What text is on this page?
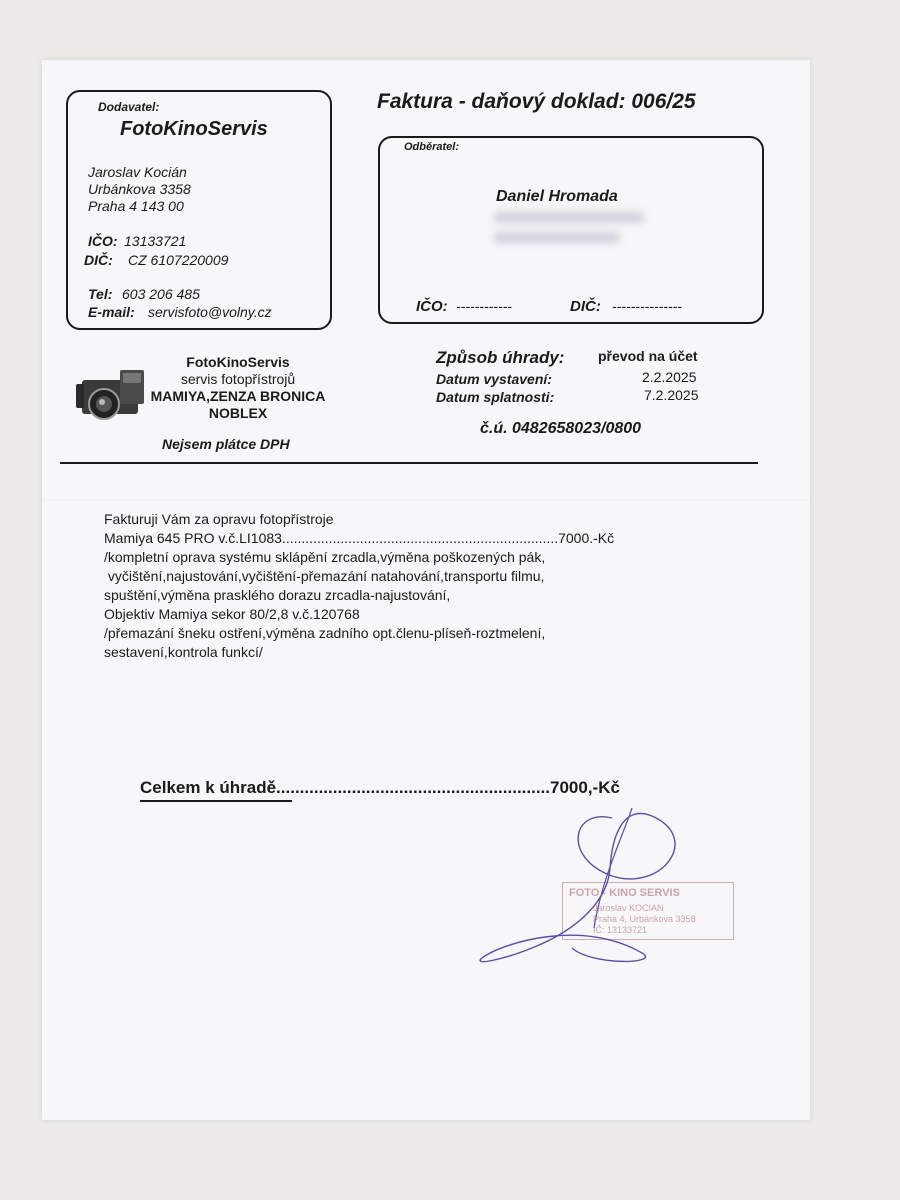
Dodavatel:
FotoKinoServis
Jaroslav Kocián
Urbánkova 3358
Praha 4 143 00
IČO: 13133721
DIČ: CZ 6107220009
Tel: 603 206 485
E-mail: servisfoto@volny.cz
Faktura - daňový doklad: 006/25
Odběratel:
Daniel Hromada
IČO: ------------	DIČ: ---------------
FotoKinoServis
servis fotopřístrojů
MAMIYA,ZENZA BRONICA
NOBLEX
Nejsem plátce DPH
Způsob úhrady: převod na účet
Datum vystavení:	2.2.2025
Datum splatnosti:	7.2.2025
č.ú. 0482658023/0800
Fakturuji Vám za opravu fotopřístroje
Mamiya 645 PRO v.č.LI1083.......................................................................7000.-Kč
/kompletní oprava systému sklápění zrcadla,výměna poškozených pák,
vyčištění,najustování,vyčištění-přemazání natahování,transportu filmu,
spuštění,výměna prasklého dorazu zrcadla-najustování,
Objektiv Mamiya sekor 80/2,8 v.č.120768
/přemazání šneku ostření,výměna zadního opt.členu-plíseň-roztmelení,
sestavení,kontrola funkcí/
Celkem k úhradě..........................................................7000,-Kč
FOTO - KINO SERVIS
Jaroslav KOCIAN
Praha 4, Urbánkova 3358
IČ: 13133721
